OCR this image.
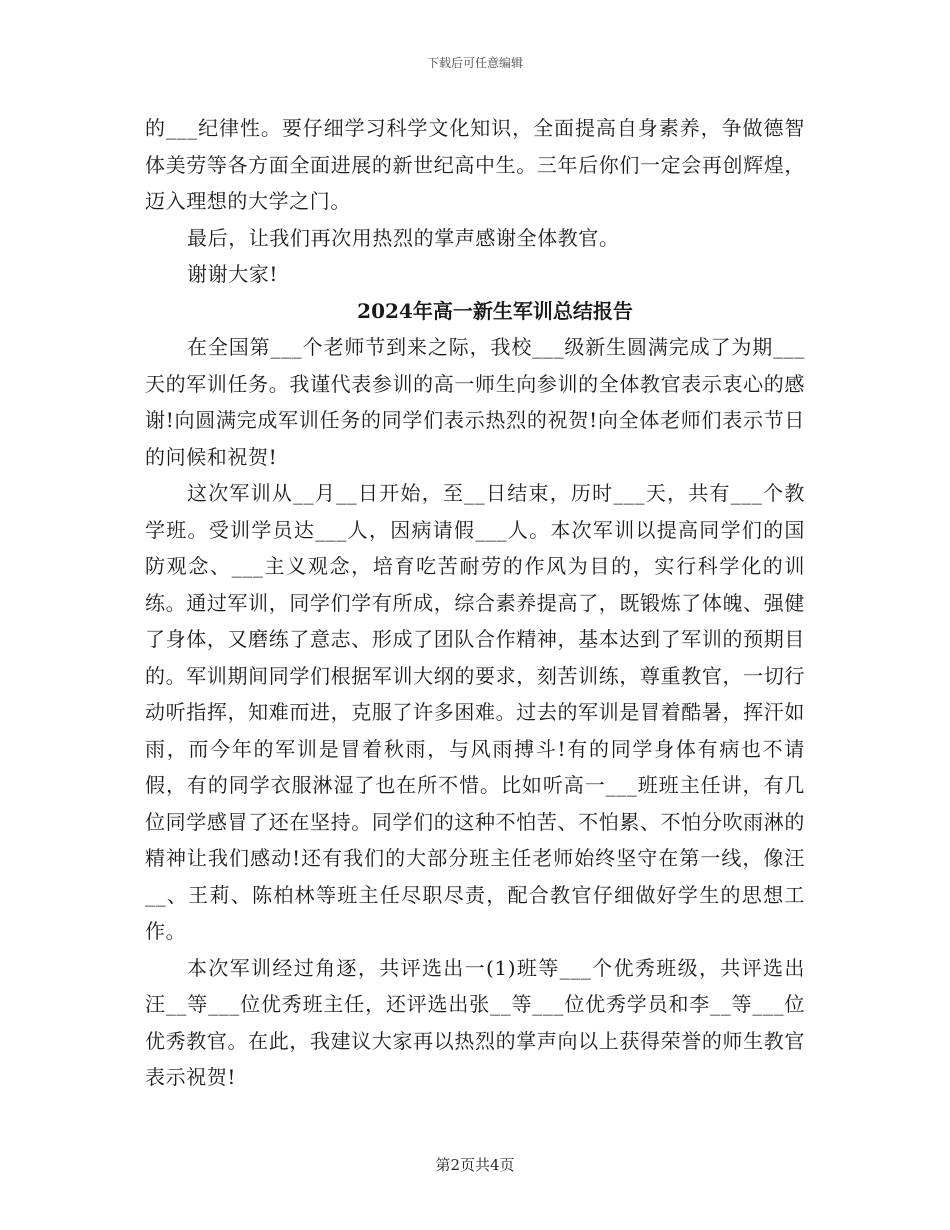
下载后可任意编辑

的___纪律性。要仔细学习科学文化知识，全面提高自身素养，争做德智体美劳等各方面全面进展的新世纪高中生。三年后你们一定会再创辉煌，迈入理想的大学之门。

最后，让我们再次用热烈的掌声感谢全体教官。

谢谢大家!

2024年高一新生军训总结报告

在全国第___个老师节到来之际，我校___级新生圆满完成了为期___天的军训任务。我谨代表参训的高一师生向参训的全体教官表示衷心的感谢!向圆满完成军训任务的同学们表示热烈的祝贺!向全体老师们表示节日的问候和祝贺!

这次军训从__月__日开始，至__日结束，历时___天，共有___个教学班。受训学员达___人，因病请假___人。本次军训以提高同学们的国防观念、___主义观念，培育吃苦耐劳的作风为目的，实行科学化的训练。通过军训，同学们学有所成，综合素养提高了，既锻炼了体魄、强健了身体，又磨练了意志、形成了团队合作精神，基本达到了军训的预期目的。军训期间同学们根据军训大纲的要求，刻苦训练，尊重教官，一切行动听指挥，知难而进，克服了许多困难。过去的军训是冒着酷暑，挥汗如雨，而今年的军训是冒着秋雨，与风雨搏斗!有的同学身体有病也不请假，有的同学衣服淋湿了也在所不惜。比如听高一___班班主任讲，有几位同学感冒了还在坚持。同学们的这种不怕苦、不怕累、不怕分吹雨淋的精神让我们感动!还有我们的大部分班主任老师始终坚守在第一线，像汪__、王莉、陈柏林等班主任尽职尽责，配合教官仔细做好学生的思想工作。

本次军训经过角逐，共评选出一(1)班等___个优秀班级，共评选出汪__等___位优秀班主任，还评选出张__等___位优秀学员和李__等___位优秀教官。在此，我建议大家再以热烈的掌声向以上获得荣誉的师生教官表示祝贺!

第2页共4页
